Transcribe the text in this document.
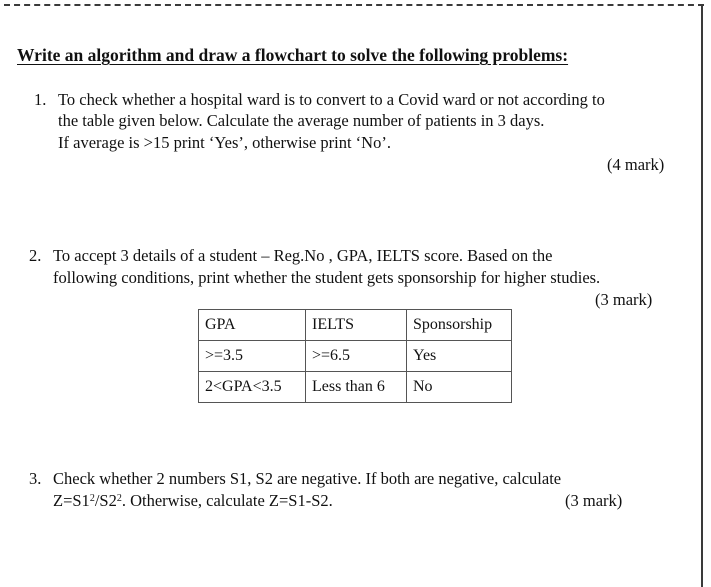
Write an algorithm and draw a flowchart to solve the following problems:
1. To check whether a hospital ward is to convert to a Covid ward or not according to
the table given below. Calculate the average number of patients in 3 days.
If average is >15 print ‘Yes’, otherwise print ‘No’.
(4 mark)
2. To accept 3 details of a student – Reg.No , GPA, IELTS score. Based on the
following conditions, print whether the student gets sponsorship for higher studies.
(3 mark)
GPA	IELTS	Sponsorship
>=3.5	>=6.5	Yes
2<GPA<3.5	Less than 6	No
3. Check whether 2 numbers S1, S2 are negative. If both are negative, calculate
$Z=S1^2/S2^2$. Otherwise, calculate Z=S1-S2.	(3 mark)
